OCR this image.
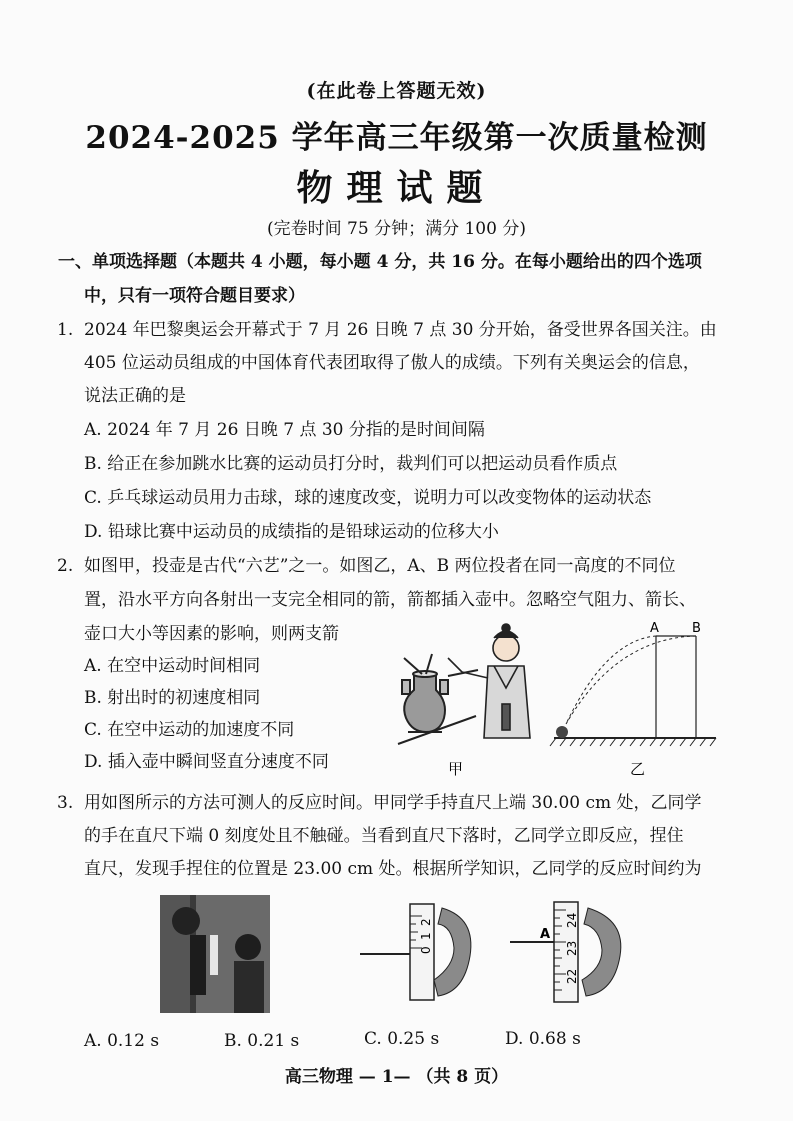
(在此卷上答题无效)
2024-2025 学年高三年级第一次质量检测
物理试题
(完卷时间 75 分钟；满分 100 分)
一、单项选择题（本题共 4 小题，每小题 4 分，共 16 分。在每小题给出的四个选项
中，只有一项符合题目要求）
1. 2024 年巴黎奥运会开幕式于 7 月 26 日晚 7 点 30 分开始，备受世界各国关注。由
405 位运动员组成的中国体育代表团取得了傲人的成绩。下列有关奥运会的信息，
说法正确的是
A. 2024 年 7 月 26 日晚 7 点 30 分指的是时间间隔
B. 给正在参加跳水比赛的运动员打分时，裁判们可以把运动员看作质点
C. 乒乓球运动员用力击球，球的速度改变，说明力可以改变物体的运动状态
D. 铅球比赛中运动员的成绩指的是铅球运动的位移大小
2. 如图甲，投壶是古代“六艺”之一。如图乙，A、B 两位投者在同一高度的不同位
置，沿水平方向各射出一支完全相同的箭，箭都插入壶中。忽略空气阻力、箭长、
壶口大小等因素的影响，则两支箭
A. 在空中运动时间相同
B. 射出时的初速度相同
C. 在空中运动的加速度不同
D. 插入壶中瞬间竖直分速度不同	甲
A	B
乙
3. 用如图所示的方法可测人的反应时间。甲同学手持直尺上端 30.00 cm 处，乙同学
的手在直尺下端 0 刻度处且不触碰。当看到直尺下落时，乙同学立即反应，捏住
直尺，发现手捏住的位置是 23.00 cm 处。根据所学知识，乙同学的反应时间约为
2
1
0
A
24
23
22
A. 0.12 s	B. 0.21 s	C. 0.25 s	D. 0.68 s
高三物理 — 1— （共 8 页）
